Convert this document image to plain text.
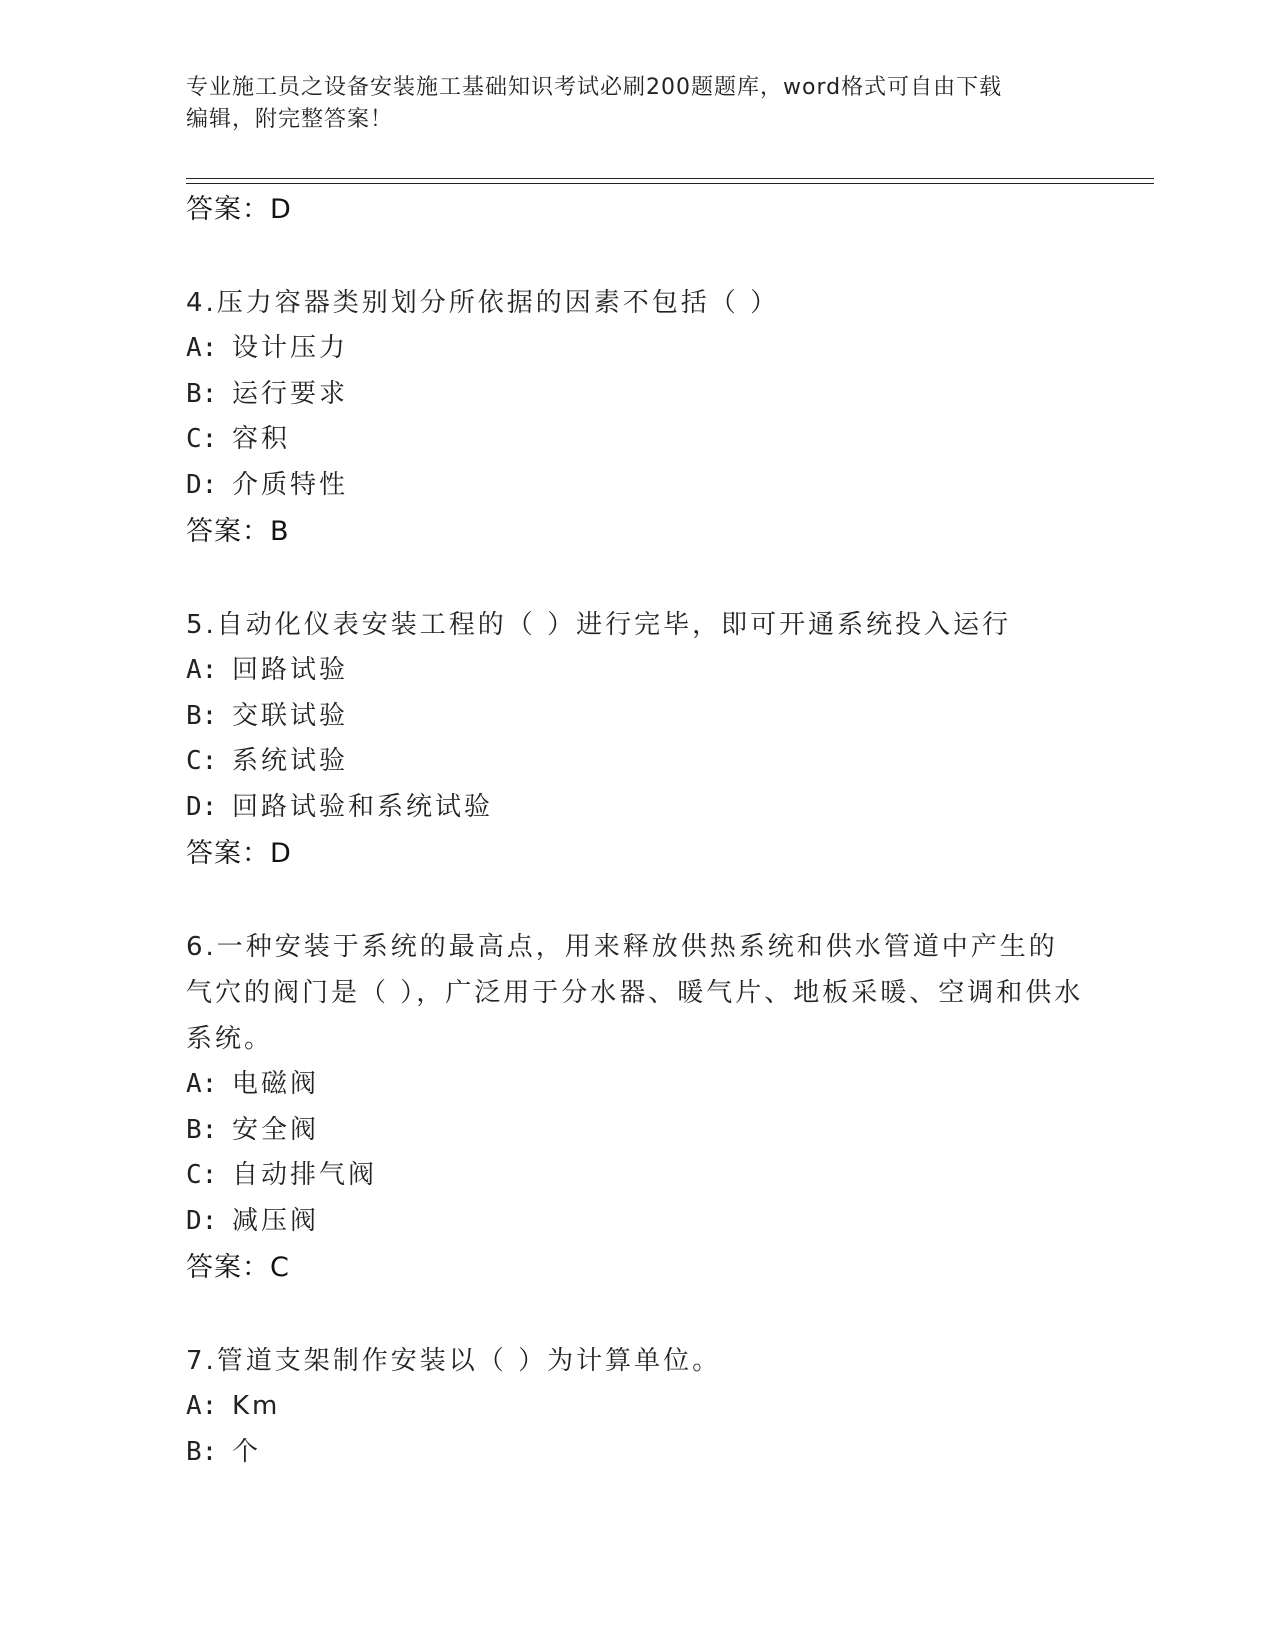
专业施工员之设备安装施工基础知识考试必刷200题题库，word格式可自由下载
编辑，附完整答案！
答案：D
4.压力容器类别划分所依据的因素不包括（ ）
A: 设计压力
B: 运行要求
C: 容积
D: 介质特性
答案：B
5.自动化仪表安装工程的（ ）进行完毕，即可开通系统投入运行
A: 回路试验
B: 交联试验
C: 系统试验
D: 回路试验和系统试验
答案：D
6.一种安装于系统的最高点，用来释放供热系统和供水管道中产生的气穴的阀门是（ ），广泛用于分水器、暖气片、地板采暖、空调和供水系统。
A: 电磁阀
B: 安全阀
C: 自动排气阀
D: 减压阀
答案：C
7.管道支架制作安装以（ ）为计算单位。
A: Km
B: 个
